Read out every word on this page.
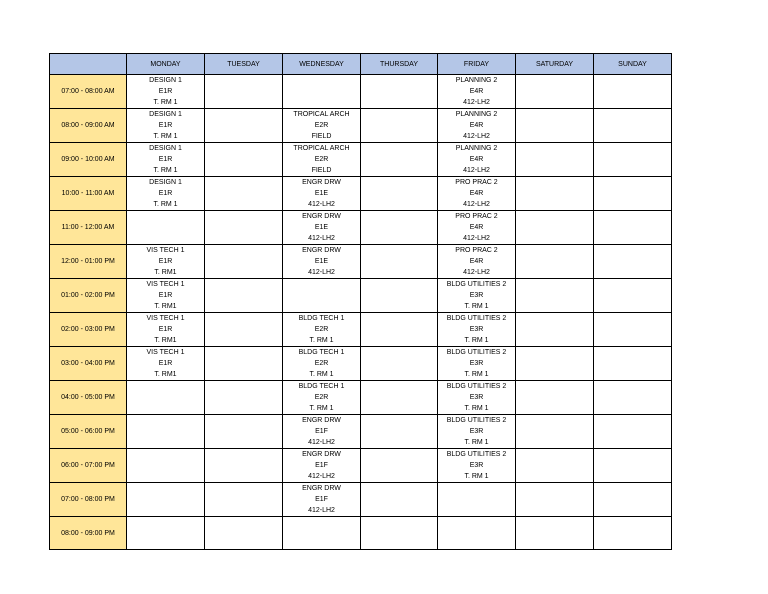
	MONDAY	TUESDAY	WEDNESDAY	THURSDAY	FRIDAY	SATURDAY	SUNDAY
07:00 - 08:00 AM	DESIGN 1
E1R
T. RM 1				PLANNING 2
E4R
412-LH2		

08:00 - 09:00 AM	DESIGN 1
E1R
T. RM 1		TROPICAL ARCH
E2R
FIELD		PLANNING 2
E4R
412-LH2		

09:00 - 10:00 AM	DESIGN 1
E1R
T. RM 1		TROPICAL ARCH
E2R
FIELD		PLANNING 2
E4R
412-LH2		

10:00 - 11:00 AM	DESIGN 1
E1R
T. RM 1		ENGR DRW
E1E
412-LH2		PRO PRAC 2
E4R
412-LH2		

11:00 - 12:00 AM			ENGR DRW
E1E
412-LH2		PRO PRAC 2
E4R
412-LH2		

12:00 - 01:00 PM	VIS TECH 1
E1R
T. RM1		ENGR DRW
E1E
412-LH2		PRO PRAC 2
E4R
412-LH2		

01:00 - 02:00 PM	VIS TECH 1
E1R
T. RM1				BLDG UTILITIES 2
E3R
T. RM 1		

02:00 - 03:00 PM	VIS TECH 1
E1R
T. RM1		BLDG TECH 1
E2R
T. RM 1		BLDG UTILITIES 2
E3R
T. RM 1		

03:00 - 04:00 PM	VIS TECH 1
E1R
T. RM1		BLDG TECH 1
E2R
T. RM 1		BLDG UTILITIES 2
E3R
T. RM 1		

04:00 - 05:00 PM			BLDG TECH 1
E2R
T. RM 1		BLDG UTILITIES 2
E3R
T. RM 1		

05:00 - 06:00 PM			ENGR DRW
E1F
412-LH2		BLDG UTILITIES 2
E3R
T. RM 1		

06:00 - 07:00 PM			ENGR DRW
E1F
412-LH2		BLDG UTILITIES 2
E3R
T. RM 1		

07:00 - 08:00 PM			ENGR DRW
E1F
412-LH2				

08:00 - 09:00 PM							
